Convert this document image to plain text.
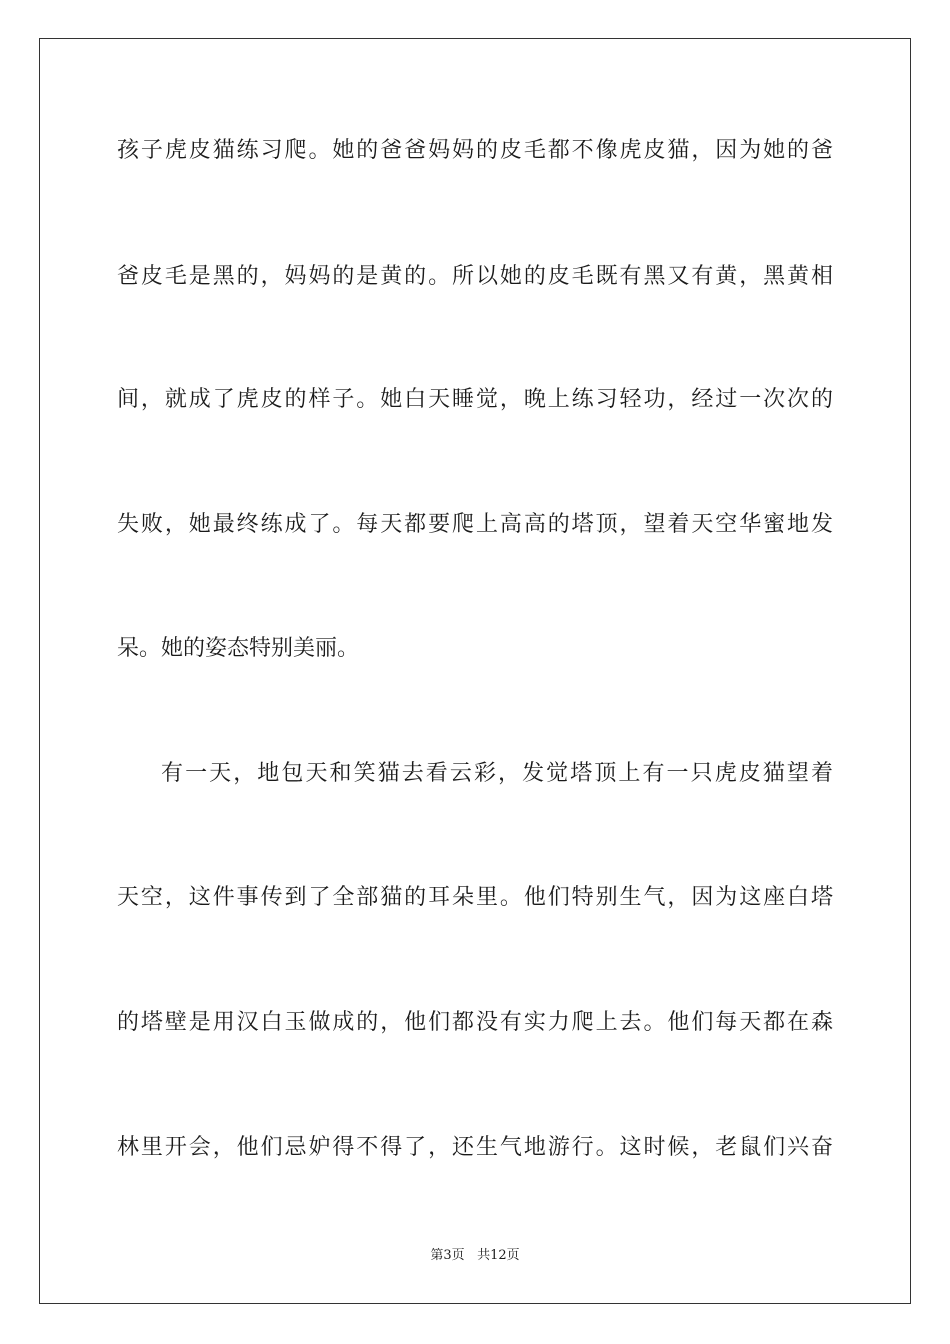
孩子虎皮猫练习爬。她的爸爸妈妈的皮毛都不像虎皮猫，因为她的爸
爸皮毛是黑的，妈妈的是黄的。所以她的皮毛既有黑又有黄，黑黄相
间，就成了虎皮的样子。她白天睡觉，晚上练习轻功，经过一次次的
失败，她最终练成了。每天都要爬上高高的塔顶，望着天空华蜜地发
呆。她的姿态特别美丽。
有一天，地包天和笑猫去看云彩，发觉塔顶上有一只虎皮猫望着
天空，这件事传到了全部猫的耳朵里。他们特别生气，因为这座白塔
的塔壁是用汉白玉做成的，他们都没有实力爬上去。他们每天都在森
林里开会，他们忌妒得不得了，还生气地游行。这时候，老鼠们兴奋
第3页 共12页
